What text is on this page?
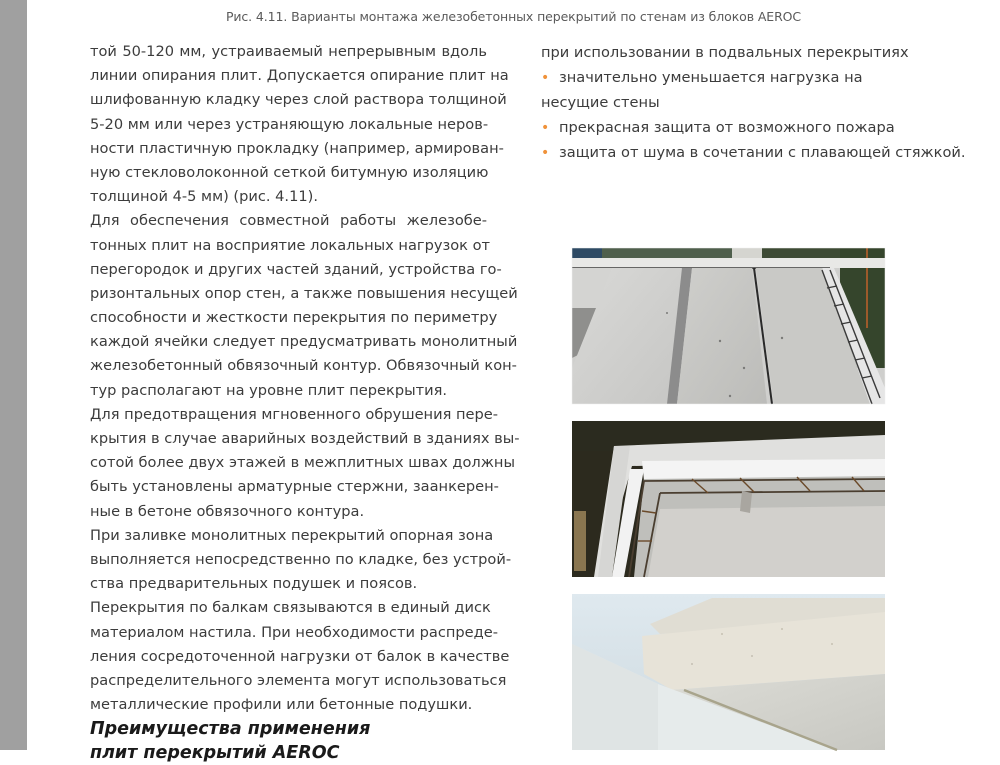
Рис. 4.11. Варианты монтажа железобетонных перекрытий по стенам из блоков AEROC
той 50-120 мм, устраиваемый непрерывным вдоль
линии опирания плит. Допускается опирание плит на
шлифованную кладку через слой раствора толщиной
5-20 мм или через устраняющую локальные неров-
ности пластичную прокладку (например, армирован-
ную стекловолоконной сеткой битумную изоляцию
толщиной 4-5 мм) (рис. 4.11).
Для обеспечения совместной работы железобе-
тонных плит на восприятие локальных нагрузок от
перегородок и других частей зданий, устройства го-
ризонтальных опор стен, а также повышения несущей
способности и жесткости перекрытия по периметру
каждой ячейки следует предусматривать монолитный
железобетонный обвязочный контур. Обвязочный кон-
тур располагают на уровне плит перекрытия.
Для предотвращения мгновенного обрушения пере-
крытия в случае аварийных воздействий в зданиях вы-
сотой более двух этажей в межплитных швах должны
быть установлены арматурные стержни, заанкерен-
ные в бетоне обвязочного контура.
При заливке монолитных перекрытий опорная зона
выполняется непосредственно по кладке, без устрой-
ства предварительных подушек и поясов.
Перекрытия по балкам связываются в единый диск
материалом настила. При необходимости распреде-
ления сосредоточенной нагрузки от балок в качестве
распределительного элемента могут использоваться
металлические профили или бетонные подушки.
Преимущества применения
плит перекрытий AEROC
при использовании в подвальных перекрытиях
• значительно уменьшается нагрузка на
несущие стены
• прекрасная защита от возможного пожара
• защита от шума в сочетании с плавающей стяжкой.
